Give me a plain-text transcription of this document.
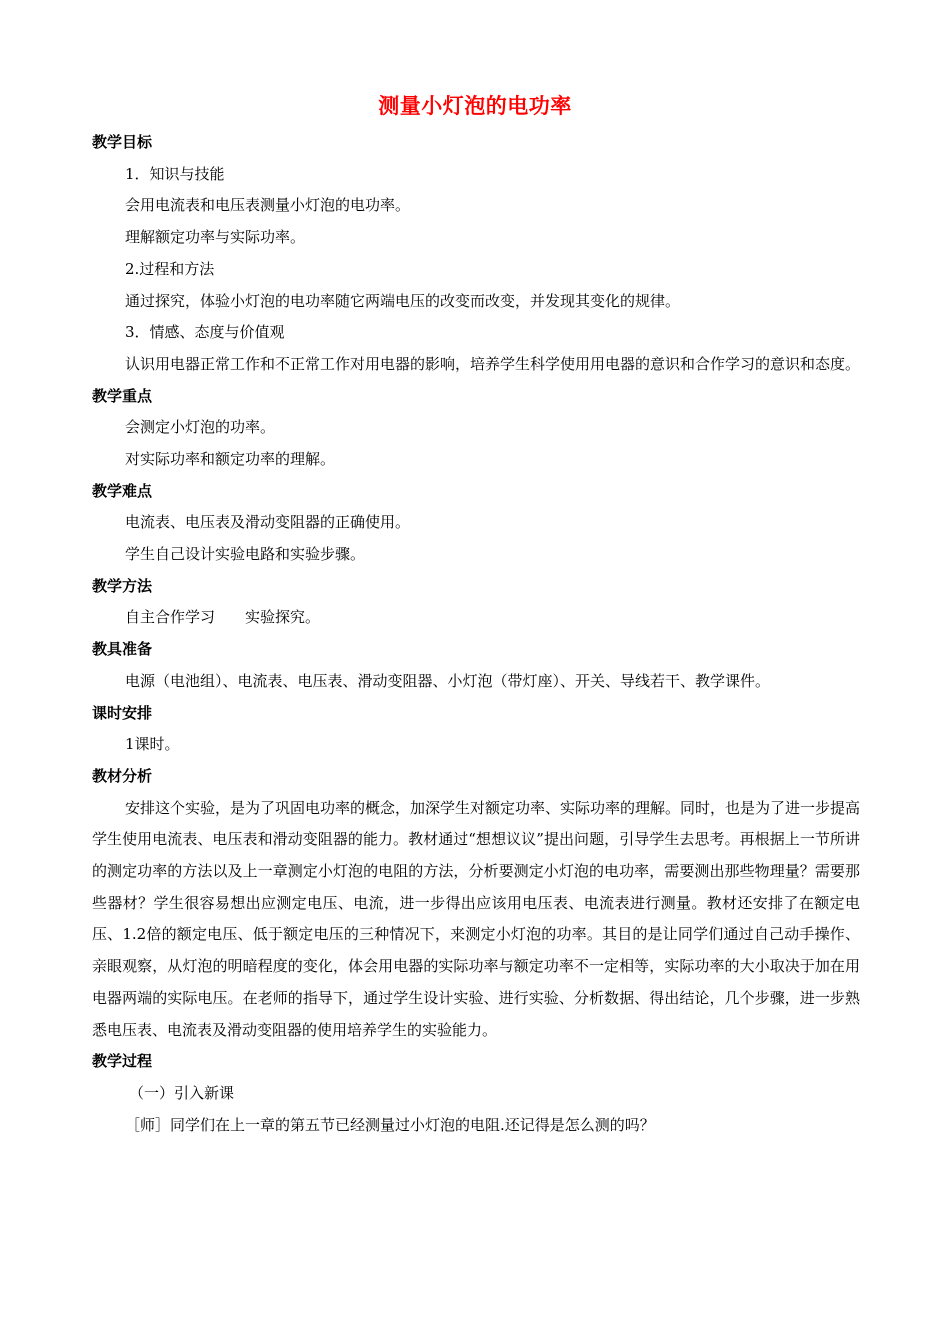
测量小灯泡的电功率
教学目标
1．知识与技能
会用电流表和电压表测量小灯泡的电功率。
理解额定功率与实际功率。
2.过程和方法
通过探究，体验小灯泡的电功率随它两端电压的改变而改变，并发现其变化的规律。
3．情感、态度与价值观
认识用电器正常工作和不正常工作对用电器的影响，培养学生科学使用用电器的意识和合作学习的意识和态度。
教学重点
会测定小灯泡的功率。
对实际功率和额定功率的理解。
教学难点
电流表、电压表及滑动变阻器的正确使用。
学生自己设计实验电路和实验步骤。
教学方法
自主合作学习　　实验探究。
教具准备
电源（电池组）、电流表、电压表、滑动变阻器、小灯泡（带灯座）、开关、导线若干、教学课件。
课时安排
1课时。
教材分析
安排这个实验，是为了巩固电功率的概念，加深学生对额定功率、实际功率的理解。同时，也是为了进一步提高学生使用电流表、电压表和滑动变阻器的能力。教材通过“想想议议”提出问题，引导学生去思考。再根据上一节所讲的测定功率的方法以及上一章测定小灯泡的电阻的方法，分析要测定小灯泡的电功率，需要测出那些物理量？需要那些器材？学生很容易想出应测定电压、电流，进一步得出应该用电压表、电流表进行测量。教材还安排了在额定电压、1.2倍的额定电压、低于额定电压的三种情况下，来测定小灯泡的功率。其目的是让同学们通过自己动手操作、亲眼观察，从灯泡的明暗程度的变化，体会用电器的实际功率与额定功率不一定相等，实际功率的大小取决于加在用电器两端的实际电压。在老师的指导下，通过学生设计实验、进行实验、分析数据、得出结论，几个步骤，进一步熟悉电压表、电流表及滑动变阻器的使用培养学生的实验能力。
教学过程
（一）引入新课
［师］同学们在上一章的第五节已经测量过小灯泡的电阻.还记得是怎么测的吗？
